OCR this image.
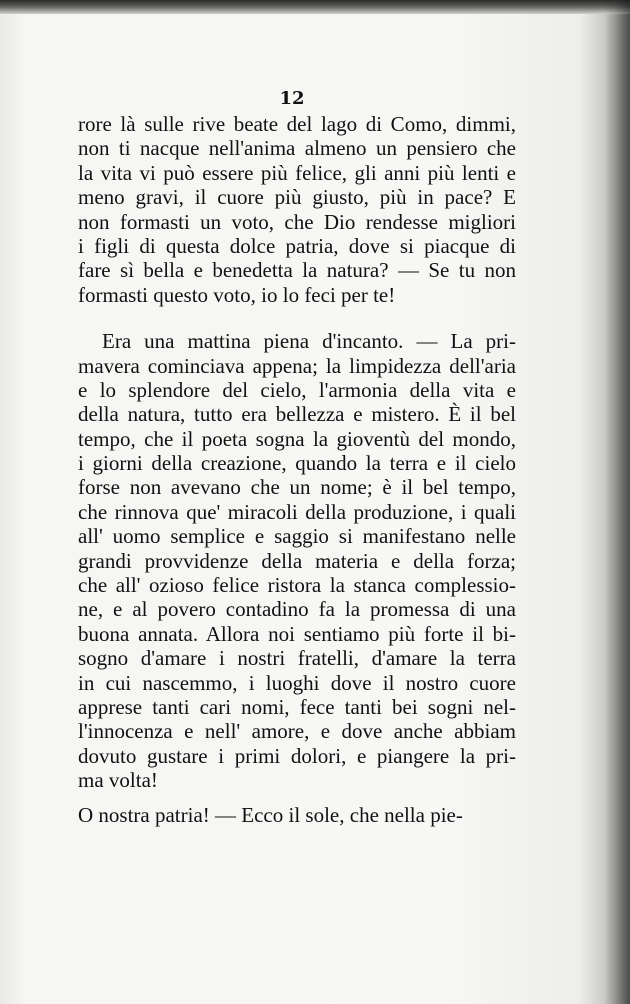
12
rore là sulle rive beate del lago di Como, dimmi,
non ti nacque nell'anima almeno un pensiero che
la vita vi può essere più felice, gli anni più lenti e
meno gravi, il cuore più giusto, più in pace? E
non formasti un voto, che Dio rendesse migliori
i figli di questa dolce patria, dove si piacque di
fare sì bella e benedetta la natura? — Se tu non
formasti questo voto, io lo feci per te!
Era una mattina piena d'incanto. — La pri-
mavera cominciava appena; la limpidezza dell'aria
e lo splendore del cielo, l'armonia della vita e
della natura, tutto era bellezza e mistero. È il bel
tempo, che il poeta sogna la gioventù del mondo,
i giorni della creazione, quando la terra e il cielo
forse non avevano che un nome; è il bel tempo,
che rinnova que' miracoli della produzione, i quali
all' uomo semplice e saggio si manifestano nelle
grandi provvidenze della materia e della forza;
che all' ozioso felice ristora la stanca complessio-
ne, e al povero contadino fa la promessa di una
buona annata. Allora noi sentiamo più forte il bi-
sogno d'amare i nostri fratelli, d'amare la terra
in cui nascemmo, i luoghi dove il nostro cuore
apprese tanti cari nomi, fece tanti bei sogni nel-
l'innocenza e nell' amore, e dove anche abbiam
dovuto gustare i primi dolori, e piangere la pri-
ma volta!
O nostra patria! — Ecco il sole, che nella pie-
